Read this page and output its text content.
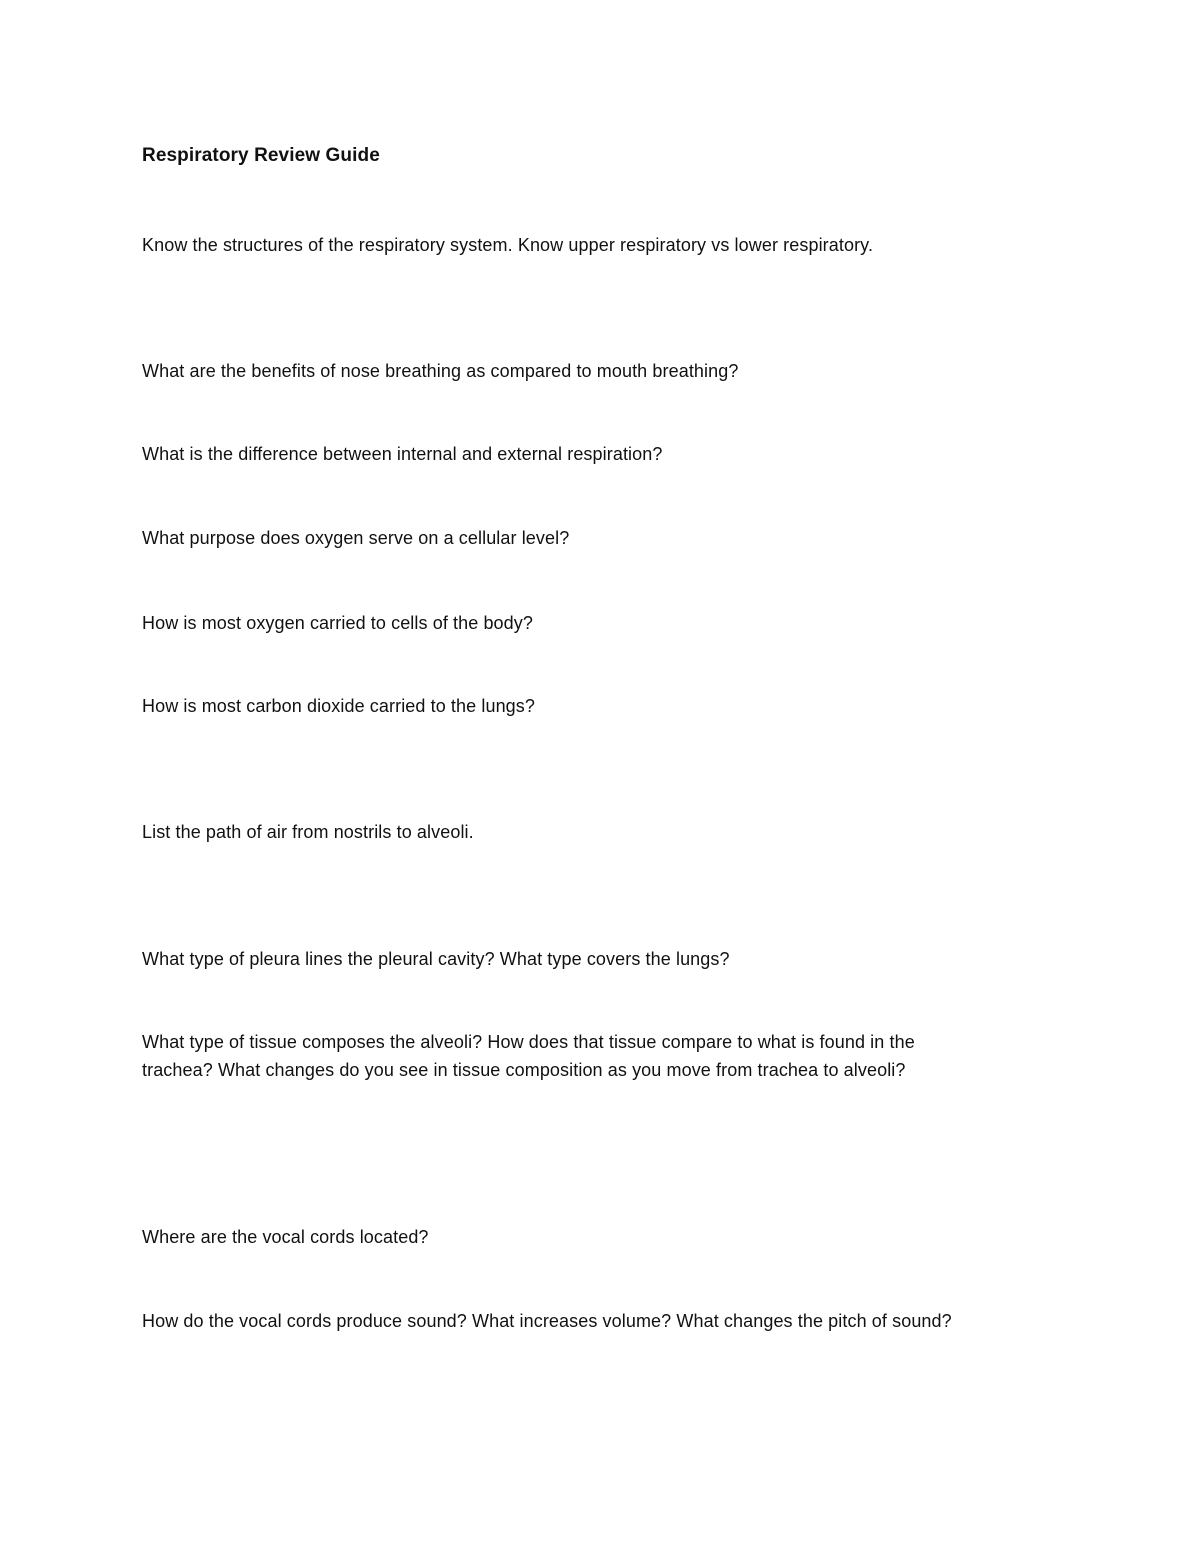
Respiratory Review Guide

Know the structures of the respiratory system. Know upper respiratory vs lower respiratory.

What are the benefits of nose breathing as compared to mouth breathing?

What is the difference between internal and external respiration?

What purpose does oxygen serve on a cellular level?

How is most oxygen carried to cells of the body?

How is most carbon dioxide carried to the lungs?

List the path of air from nostrils to alveoli.

What type of pleura lines the pleural cavity? What type covers the lungs?

What type of tissue composes the alveoli? How does that tissue compare to what is found in the

trachea? What changes do you see in tissue composition as you move from trachea to alveoli?

Where are the vocal cords located?

How do the vocal cords produce sound? What increases volume? What changes the pitch of sound?
